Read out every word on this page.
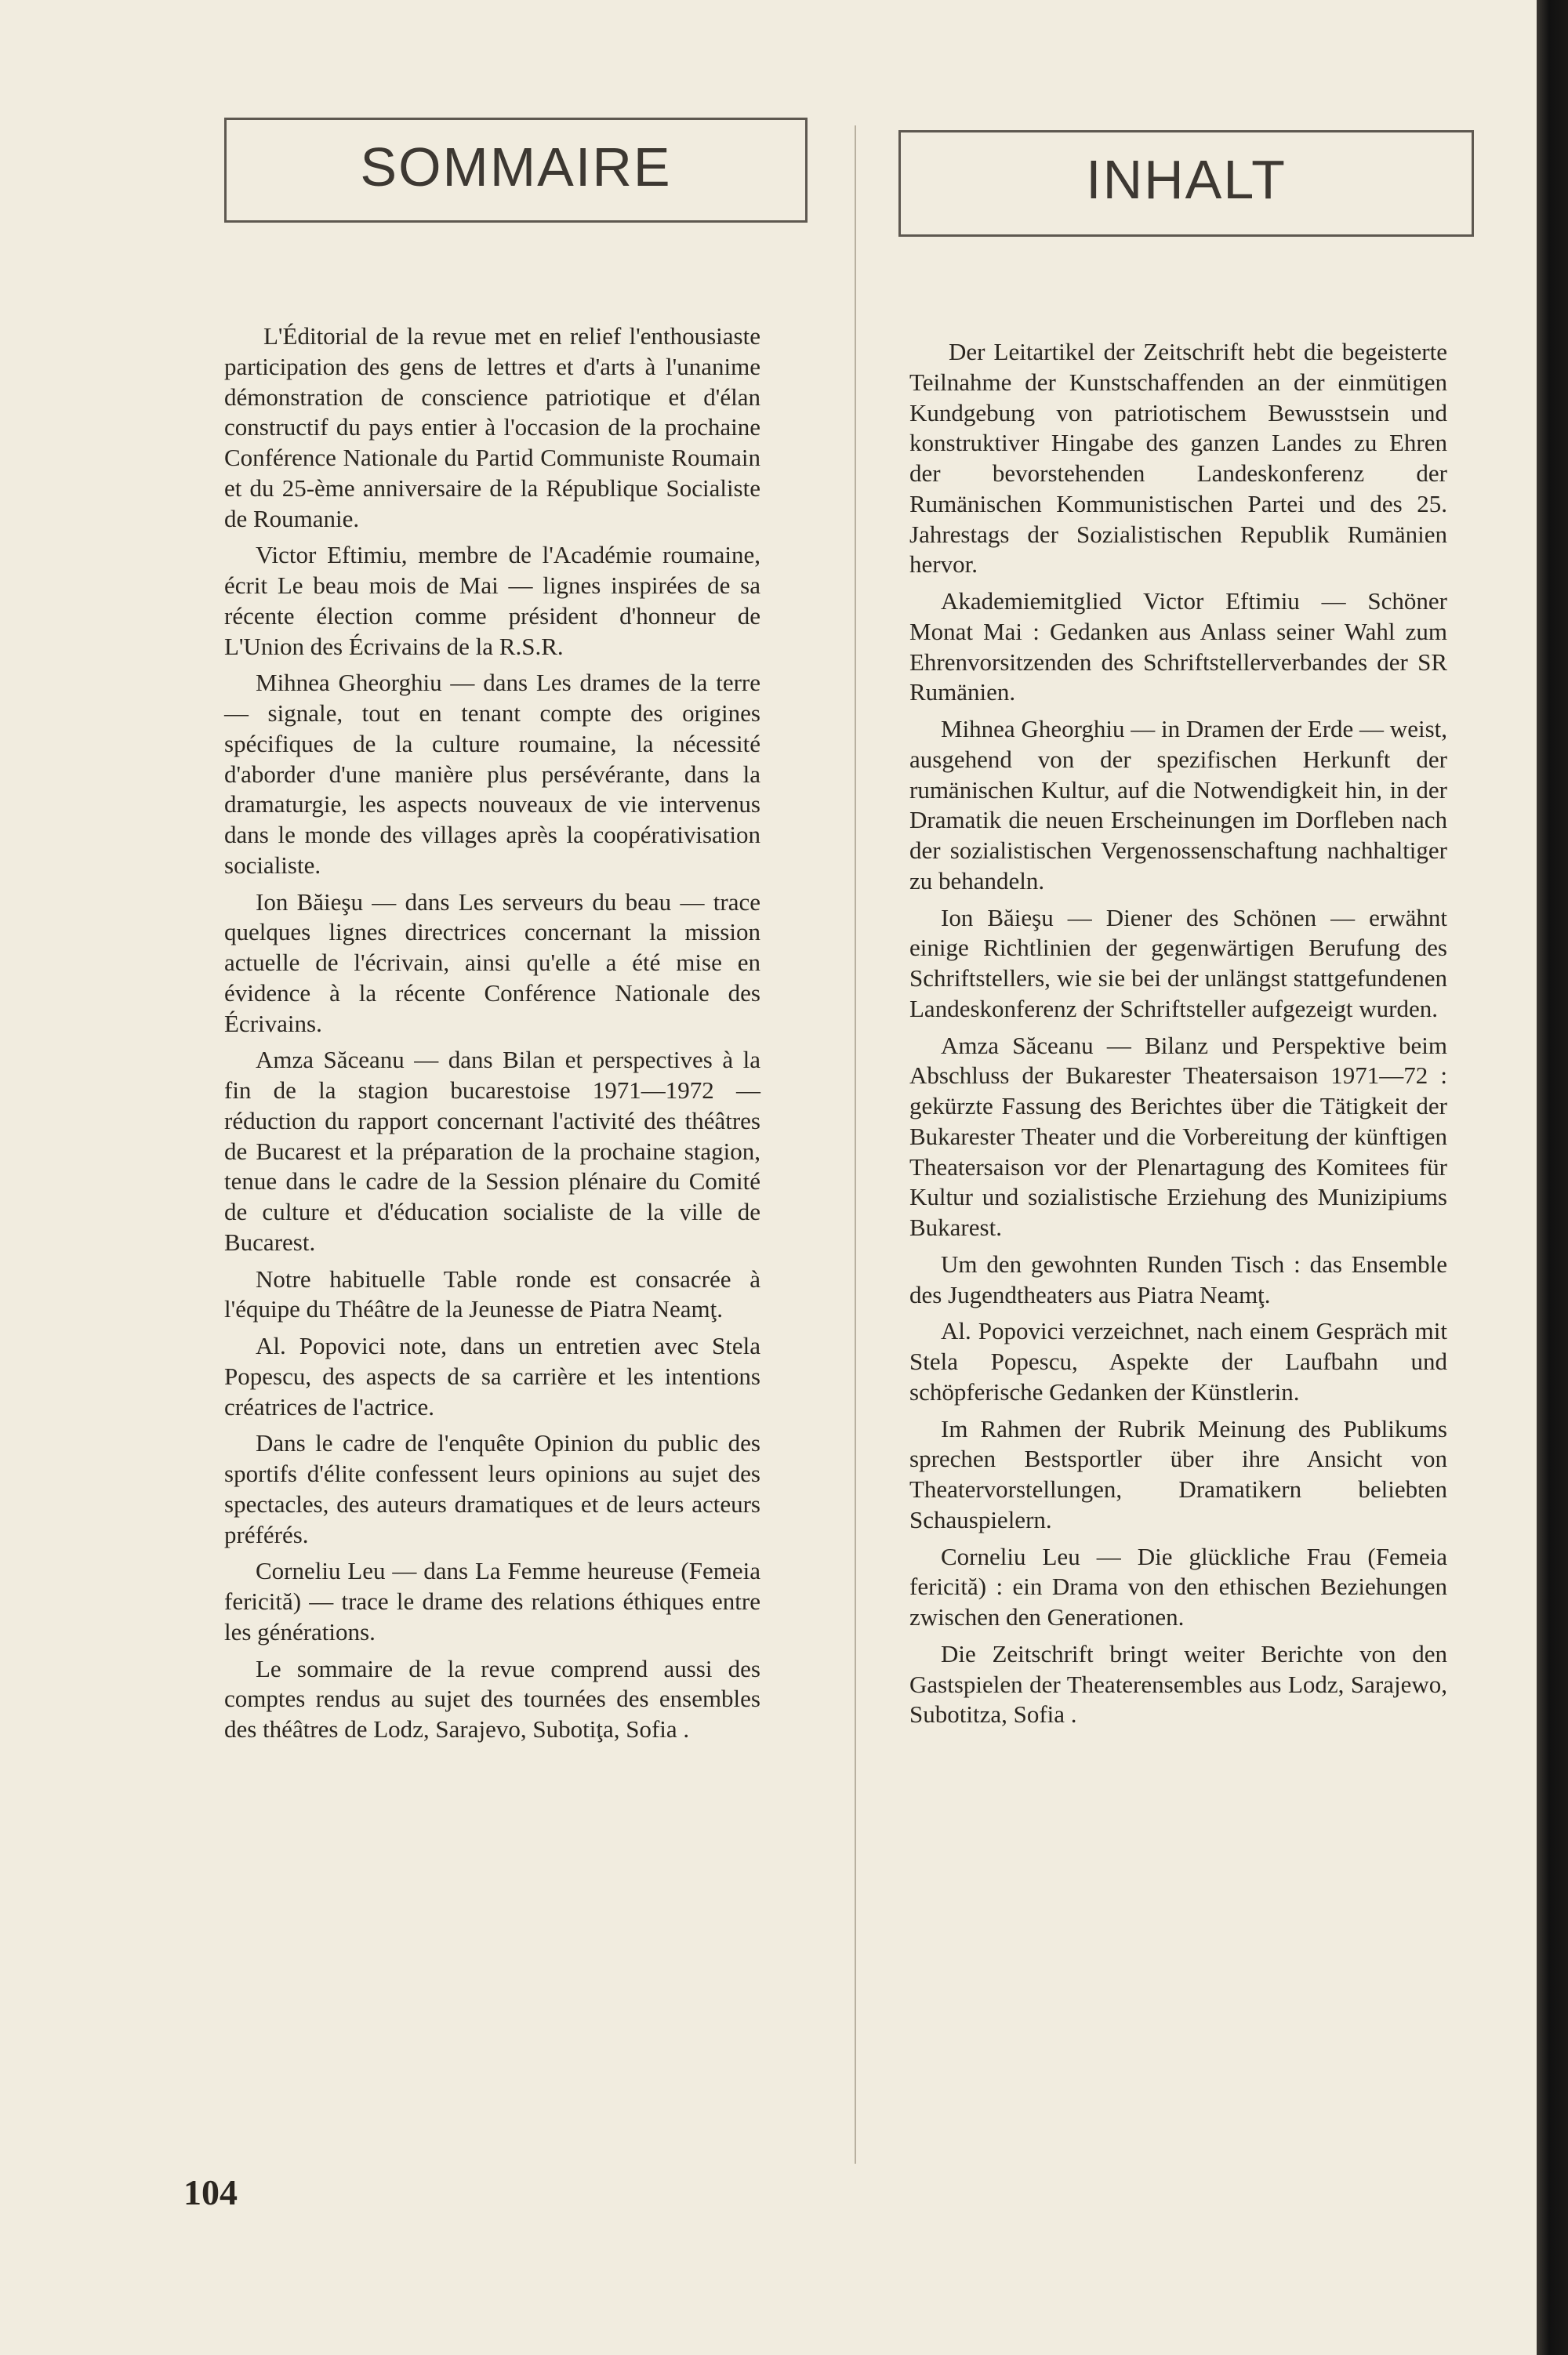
SOMMAIRE

L'Éditorial de la revue met en relief l'enthousiaste participation des gens de lettres et d'arts à l'unanime démonstration de conscience patriotique et d'élan constructif du pays entier à l'occasion de la prochaine Conférence Nationale du Partid Communiste Roumain et du 25-ème anniversaire de la République Socialiste de Roumanie.

Victor Eftimiu, membre de l'Académie roumaine, écrit Le beau mois de Mai — lignes inspirées de sa récente élection comme président d'honneur de L'Union des Écrivains de la R.S.R.

Mihnea Gheorghiu — dans Les drames de la terre — signale, tout en tenant compte des origines spécifiques de la culture roumaine, la nécessité d'aborder d'une manière plus persévérante, dans la dramaturgie, les aspects nouveaux de vie intervenus dans le monde des villages après la coopérativisation socialiste.

Ion Băieşu — dans Les serveurs du beau — trace quelques lignes directrices concernant la mission actuelle de l'écrivain, ainsi qu'elle a été mise en évidence à la récente Conférence Nationale des Écrivains.

Amza Săceanu — dans Bilan et perspectives à la fin de la stagion bucarestoise 1971—1972 — réduction du rapport concernant l'activité des théâtres de Bucarest et la préparation de la prochaine stagion, tenue dans le cadre de la Session plénaire du Comité de culture et d'éducation socialiste de la ville de Bucarest.

Notre habituelle Table ronde est consacrée à l'équipe du Théâtre de la Jeunesse de Piatra Neamţ.

Al. Popovici note, dans un entretien avec Stela Popescu, des aspects de sa carrière et les intentions créatrices de l'actrice.

Dans le cadre de l'enquête Opinion du public des sportifs d'élite confessent leurs opinions au sujet des spectacles, des auteurs dramatiques et de leurs acteurs préférés.

Corneliu Leu — dans La Femme heureuse (Femeia fericită) — trace le drame des relations éthiques entre les générations.

Le sommaire de la revue comprend aussi des comptes rendus au sujet des tournées des ensembles des théâtres de Lodz, Sarajevo, Subotiţa, Sofia .

INHALT

Der Leitartikel der Zeitschrift hebt die begeisterte Teilnahme der Kunstschaffenden an der einmütigen Kundgebung von patriotischem Bewusstsein und konstruktiver Hingabe des ganzen Landes zu Ehren der bevorstehenden Landeskonferenz der Rumänischen Kommunistischen Partei und des 25. Jahrestags der Sozialistischen Republik Rumänien hervor.

Akademiemitglied Victor Eftimiu — Schöner Monat Mai : Gedanken aus Anlass seiner Wahl zum Ehrenvorsitzenden des Schriftstellerverbandes der SR Rumänien.

Mihnea Gheorghiu — in Dramen der Erde — weist, ausgehend von der spezifischen Herkunft der rumänischen Kultur, auf die Notwendigkeit hin, in der Dramatik die neuen Erscheinungen im Dorfleben nach der sozialistischen Vergenossenschaftung nachhaltiger zu behandeln.

Ion Băieşu — Diener des Schönen — erwähnt einige Richtlinien der gegenwärtigen Berufung des Schriftstellers, wie sie bei der unlängst stattgefundenen Landeskonferenz der Schriftsteller aufgezeigt wurden.

Amza Săceanu — Bilanz und Perspektive beim Abschluss der Bukarester Theatersaison 1971—72 : gekürzte Fassung des Berichtes über die Tätigkeit der Bukarester Theater und die Vorbereitung der künftigen Theatersaison vor der Plenartagung des Komitees für Kultur und sozialistische Erziehung des Munizipiums Bukarest.

Um den gewohnten Runden Tisch : das Ensemble des Jugendtheaters aus Piatra Neamţ.

Al. Popovici verzeichnet, nach einem Gespräch mit Stela Popescu, Aspekte der Laufbahn und schöpferische Gedanken der Künstlerin.

Im Rahmen der Rubrik Meinung des Publikums sprechen Bestsportler über ihre Ansicht von Theatervorstellungen, Dramatikern beliebten Schauspielern.

Corneliu Leu — Die glückliche Frau (Femeia fericită) : ein Drama von den ethischen Beziehungen zwischen den Generationen.

Die Zeitschrift bringt weiter Berichte von den Gastspielen der Theaterensembles aus Lodz, Sarajewo, Subotitza, Sofia .

104
